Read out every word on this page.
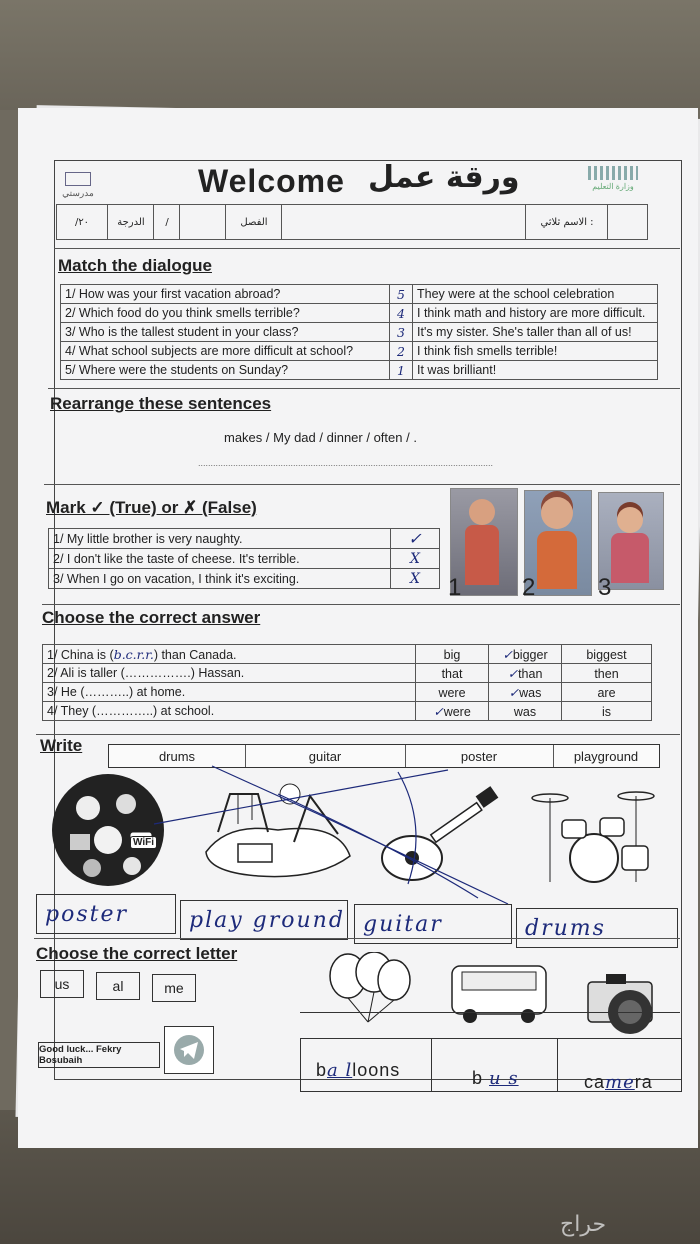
مدرستي	Welcome ورقة عمل	وزارة التعليم
/٢٠	الدرجة	/	الفصل	الاسم ثلاثي :
Match the dialogue
1/ How was your first vacation abroad?	5	They were at the school celebration
2/ Which food do you think smells terrible?	4	I think math and history are more difficult.
3/ Who is the tallest student in your class?	3	It's my sister. She's taller than all of us!
4/ What school subjects are more difficult at school?	2	I think fish smells terrible!
5/ Where were the students on Sunday?	1	It was brilliant!
Rearrange these sentences
makes / My dad / dinner / often / .
......................................................................................................................
Mark ✓ (True) or ✗ (False)
1/ My little brother is very naughty.	✓
2/ I don't like the taste of cheese. It's terrible.	X
3/ When I go on vacation, I think it's exciting.	X 1	2	3
Choose the correct answer
1/ China is (b.c.r.r.) than Canada.	big	✓bigger	biggest
2/ Ali is taller (…………….) Hassan.	that	✓than	then
3/ He (………..) at home.	were	✓was	are
4/ They (…………..) at school.	✓were	was	is
Write
drums	guitar	poster	playground
WiFi
poster	play ground guitar	drums
Choose the correct letter
us	al	me
ba lloons	b u s	camera
Good luck... Fekry Bosubaih
حراج
